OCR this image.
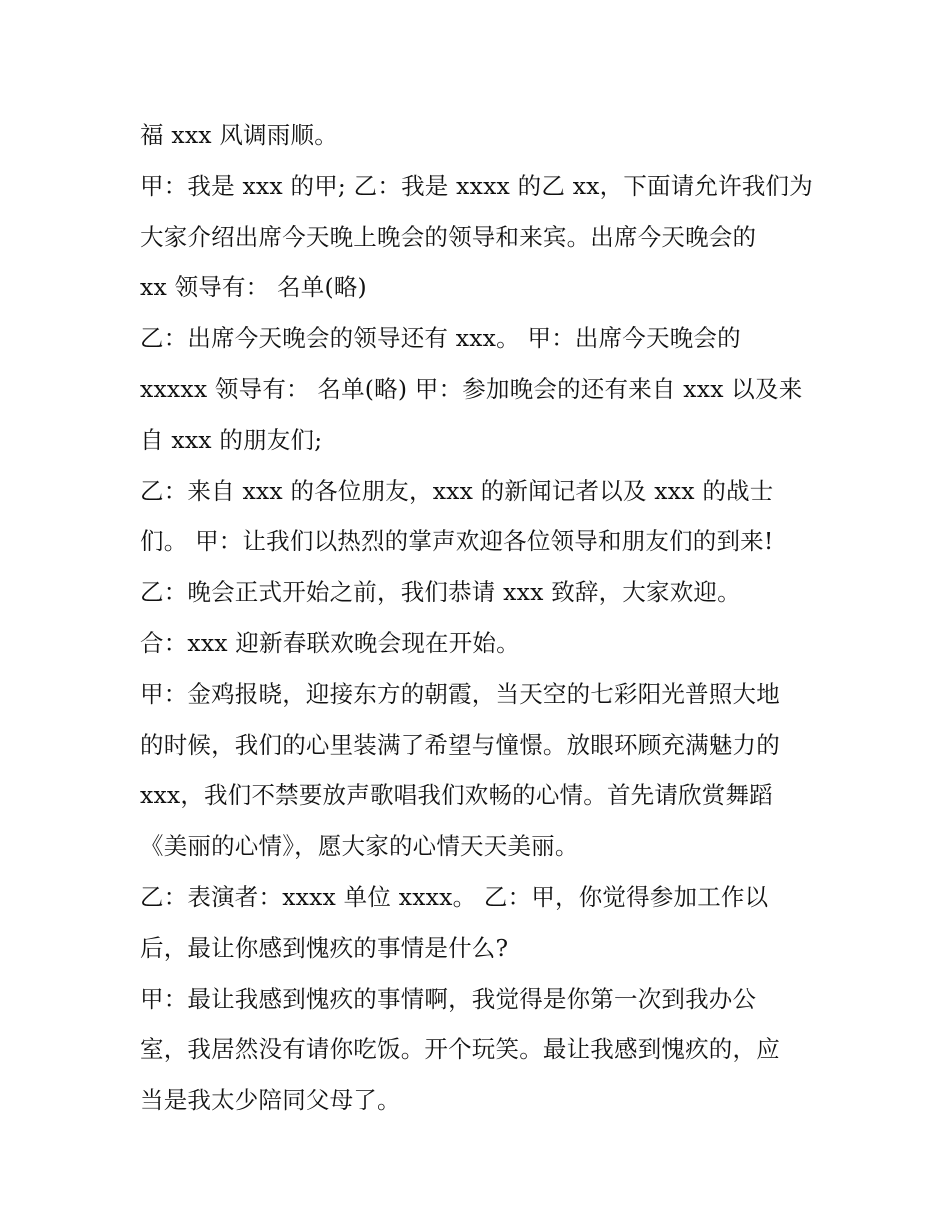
福 xxx 风调雨顺。
甲：我是 xxx 的甲; 乙：我是 xxxx 的乙 xx，下面请允许我们为
大家介绍出席今天晚上晚会的领导和来宾。出席今天晚会的
xx 领导有： 名单(略)
乙：出席今天晚会的领导还有 xxx。 甲：出席今天晚会的
xxxxx 领导有： 名单(略) 甲：参加晚会的还有来自 xxx 以及来
自 xxx 的朋友们;
乙：来自 xxx 的各位朋友，xxx 的新闻记者以及 xxx 的战士
们。 甲：让我们以热烈的掌声欢迎各位领导和朋友们的到来!
乙：晚会正式开始之前，我们恭请 xxx 致辞，大家欢迎。
合：xxx 迎新春联欢晚会现在开始。
甲：金鸡报晓，迎接东方的朝霞，当天空的七彩阳光普照大地
的时候，我们的心里装满了希望与憧憬。放眼环顾充满魅力的
xxx，我们不禁要放声歌唱我们欢畅的心情。首先请欣赏舞蹈
《美丽的心情》，愿大家的心情天天美丽。
乙：表演者：xxxx 单位 xxxx。 乙：甲，你觉得参加工作以
后，最让你感到愧疚的事情是什么?
甲：最让我感到愧疚的事情啊，我觉得是你第一次到我办公
室，我居然没有请你吃饭。开个玩笑。最让我感到愧疚的，应
当是我太少陪同父母了。
